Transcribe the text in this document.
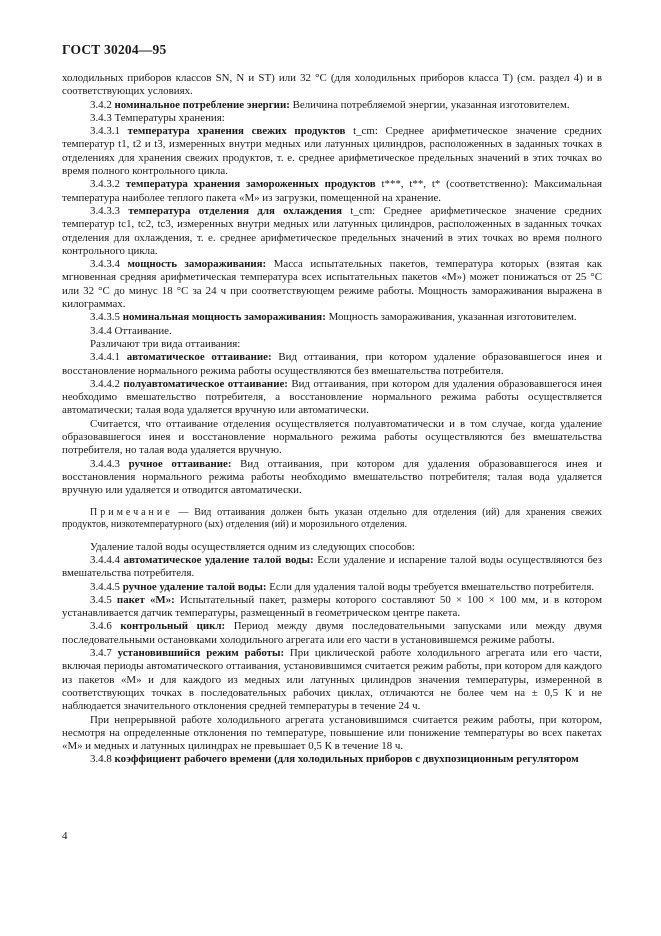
ГОСТ 30204—95

холодильных приборов классов SN, N и ST) или 32 °С (для холодильных приборов класса Т) (см. раздел 4) и в соответствующих условиях.

3.4.2 номинальное потребление энергии: Величина потребляемой энергии, указанная изготовителем.

3.4.3 Температуры хранения:

3.4.3.1 температура хранения свежих продуктов t_cm: Среднее арифметическое значение средних температур t1, t2 и t3, измеренных внутри медных или латунных цилиндров, расположенных в заданных точках в отделениях для хранения свежих продуктов, т. е. среднее арифметическое предельных значений в этих точках во время полного контрольного цикла.

3.4.3.2 температура хранения замороженных продуктов t***, t**, t* (соответственно): Максимальная температура наиболее теплого пакета «М» из загрузки, помещенной на хранение.

3.4.3.3 температура отделения для охлаждения t_cm: Среднее арифметическое значение средних температур tc1, tc2, tc3, измеренных внутри медных или латунных цилиндров, расположенных в заданных точках отделения для охлаждения, т. е. среднее арифметическое предельных значений в этих точках во время полного контрольного цикла.

3.4.3.4 мощность замораживания: Масса испытательных пакетов, температура которых (взятая как мгновенная средняя арифметическая температура всех испытательных пакетов «М») может понижаться от 25 °С или 32 °С до минус 18 °С за 24 ч при соответствующем режиме работы. Мощность замораживания выражена в килограммах.

3.4.3.5 номинальная мощность замораживания: Мощность замораживания, указанная изготовителем.

3.4.4 Оттаивание.

Различают три вида оттаивания:

3.4.4.1 автоматическое оттаивание: Вид оттаивания, при котором удаление образовавшегося инея и восстановление нормального режима работы осуществляются без вмешательства потребителя.

3.4.4.2 полуавтоматическое оттаивание: Вид оттаивания, при котором для удаления образовавшегося инея необходимо вмешательство потребителя, а восстановление нормального режима работы осуществляется автоматически; талая вода удаляется вручную или автоматически.

Считается, что оттаивание отделения осуществляется полуавтоматически и в том случае, когда удаление образовавшегося инея и восстановление нормального режима работы осуществляются без вмешательства потребителя, но талая вода удаляется вручную.

3.4.4.3 ручное оттаивание: Вид оттаивания, при котором для удаления образовавшегося инея и восстановления нормального режима работы необходимо вмешательство потребителя; талая вода удаляется вручную или удаляется и отводится автоматически.

Примечание — Вид оттаивания должен быть указан отдельно для отделения (ий) для хранения свежих продуктов, низкотемпературного (ых) отделения (ий) и морозильного отделения.

Удаление талой воды осуществляется одним из следующих способов:

3.4.4.4 автоматическое удаление талой воды: Если удаление и испарение талой воды осуществляются без вмешательства потребителя.

3.4.4.5 ручное удаление талой воды: Если для удаления талой воды требуется вмешательство потребителя.

3.4.5 пакет «М»: Испытательный пакет, размеры которого составляют 50 × 100 × 100 мм, и в котором устанавливается датчик температуры, размещенный в геометрическом центре пакета.

3.4.6 контрольный цикл: Период между двумя последовательными запусками или между двумя последовательными остановками холодильного агрегата или его части в установившемся режиме работы.

3.4.7 установившийся режим работы: При циклической работе холодильного агрегата или его части, включая периоды автоматического оттаивания, установившимся считается режим работы, при котором для каждого из пакетов «М» и для каждого из медных или латунных цилиндров значения температуры, измеренной в соответствующих точках в последовательных рабочих циклах, отличаются не более чем на ± 0,5 К и не наблюдается значительного отклонения средней температуры в течение 24 ч.

При непрерывной работе холодильного агрегата установившимся считается режим работы, при котором, несмотря на определенные отклонения по температуре, повышение или понижение температуры во всех пакетах «М» и медных и латунных цилиндрах не превышает 0,5 К в течение 18 ч.

3.4.8 коэффициент рабочего времени (для холодильных приборов с двухпозиционным регулятором

4
